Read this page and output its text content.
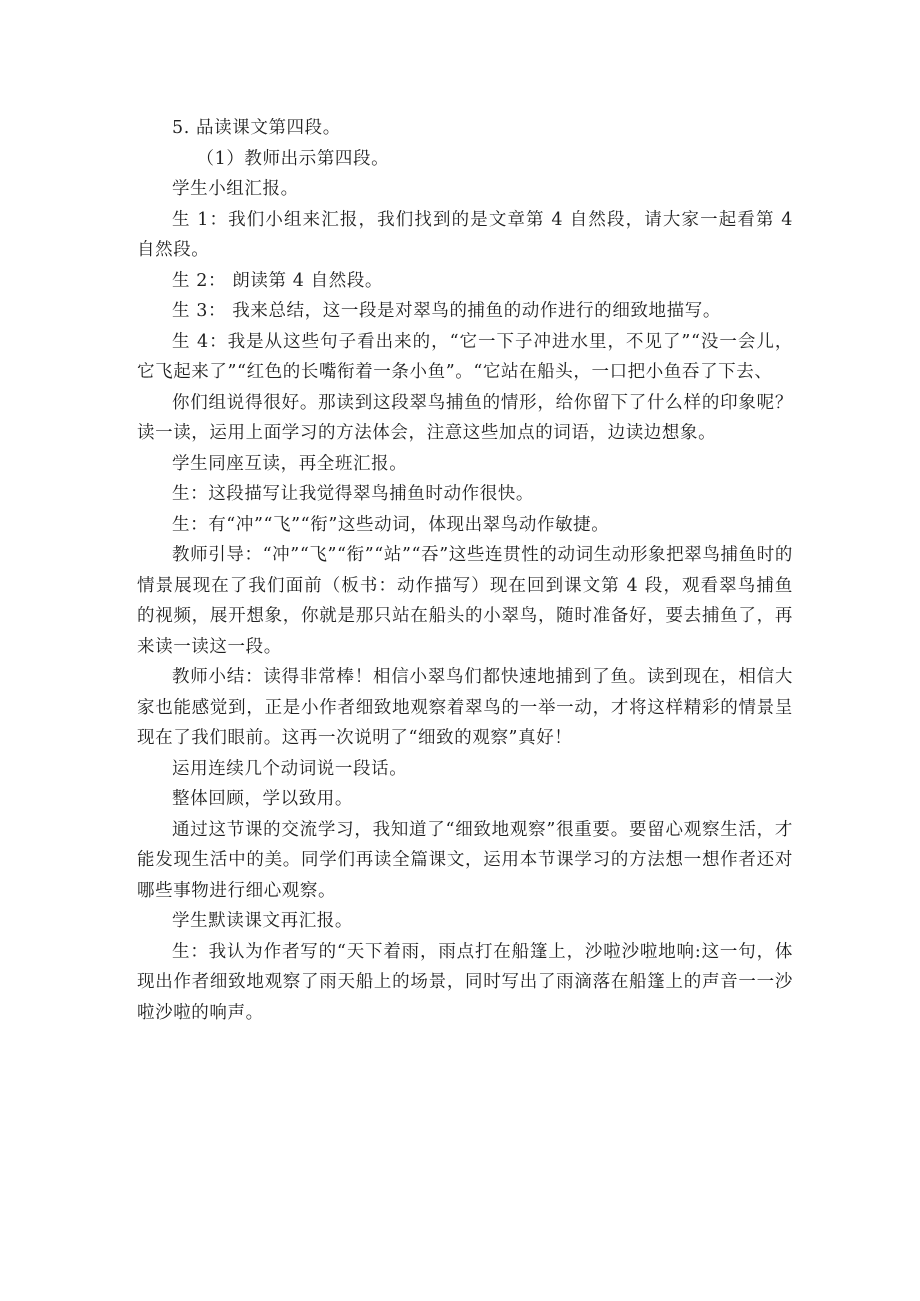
5. 品读课文第四段。

（1）教师出示第四段。

学生小组汇报。

生 1：我们小组来汇报，我们找到的是文章第 4 自然段，请大家一起看第 4 自然段。

生 2： 朗读第 4 自然段。

生 3： 我来总结，这一段是对翠鸟的捕鱼的动作进行的细致地描写。

生 4：我是从这些句子看出来的，“它一下子冲进水里，不见了”“没一会儿，它飞起来了”“红色的长嘴衔着一条小鱼”。“它站在船头，一口把小鱼吞了下去、

你们组说得很好。那读到这段翠鸟捕鱼的情形，给你留下了什么样的印象呢？读一读，运用上面学习的方法体会，注意这些加点的词语，边读边想象。

学生同座互读，再全班汇报。

生：这段描写让我觉得翠鸟捕鱼时动作很快。

生：有“冲”“飞”“衔”这些动词，体现出翠鸟动作敏捷。

教师引导：“冲”“飞”“衔”“站”“吞”这些连贯性的动词生动形象把翠鸟捕鱼时的情景展现在了我们面前（板书：动作描写）现在回到课文第 4 段，观看翠鸟捕鱼的视频，展开想象，你就是那只站在船头的小翠鸟，随时准备好，要去捕鱼了，再来读一读这一段。

教师小结：读得非常棒！相信小翠鸟们都快速地捕到了鱼。读到现在，相信大家也能感觉到，正是小作者细致地观察着翠鸟的一举一动，才将这样精彩的情景呈现在了我们眼前。这再一次说明了“细致的观察”真好！

运用连续几个动词说一段话。

整体回顾，学以致用。

通过这节课的交流学习，我知道了“细致地观察”很重要。要留心观察生活，才能发现生活中的美。同学们再读全篇课文，运用本节课学习的方法想一想作者还对哪些事物进行细心观察。

学生默读课文再汇报。

生：我认为作者写的“天下着雨，雨点打在船篷上，沙啦沙啦地响:这一句，体现出作者细致地观察了雨天船上的场景，同时写出了雨滴落在船篷上的声音一一沙啦沙啦的响声。
